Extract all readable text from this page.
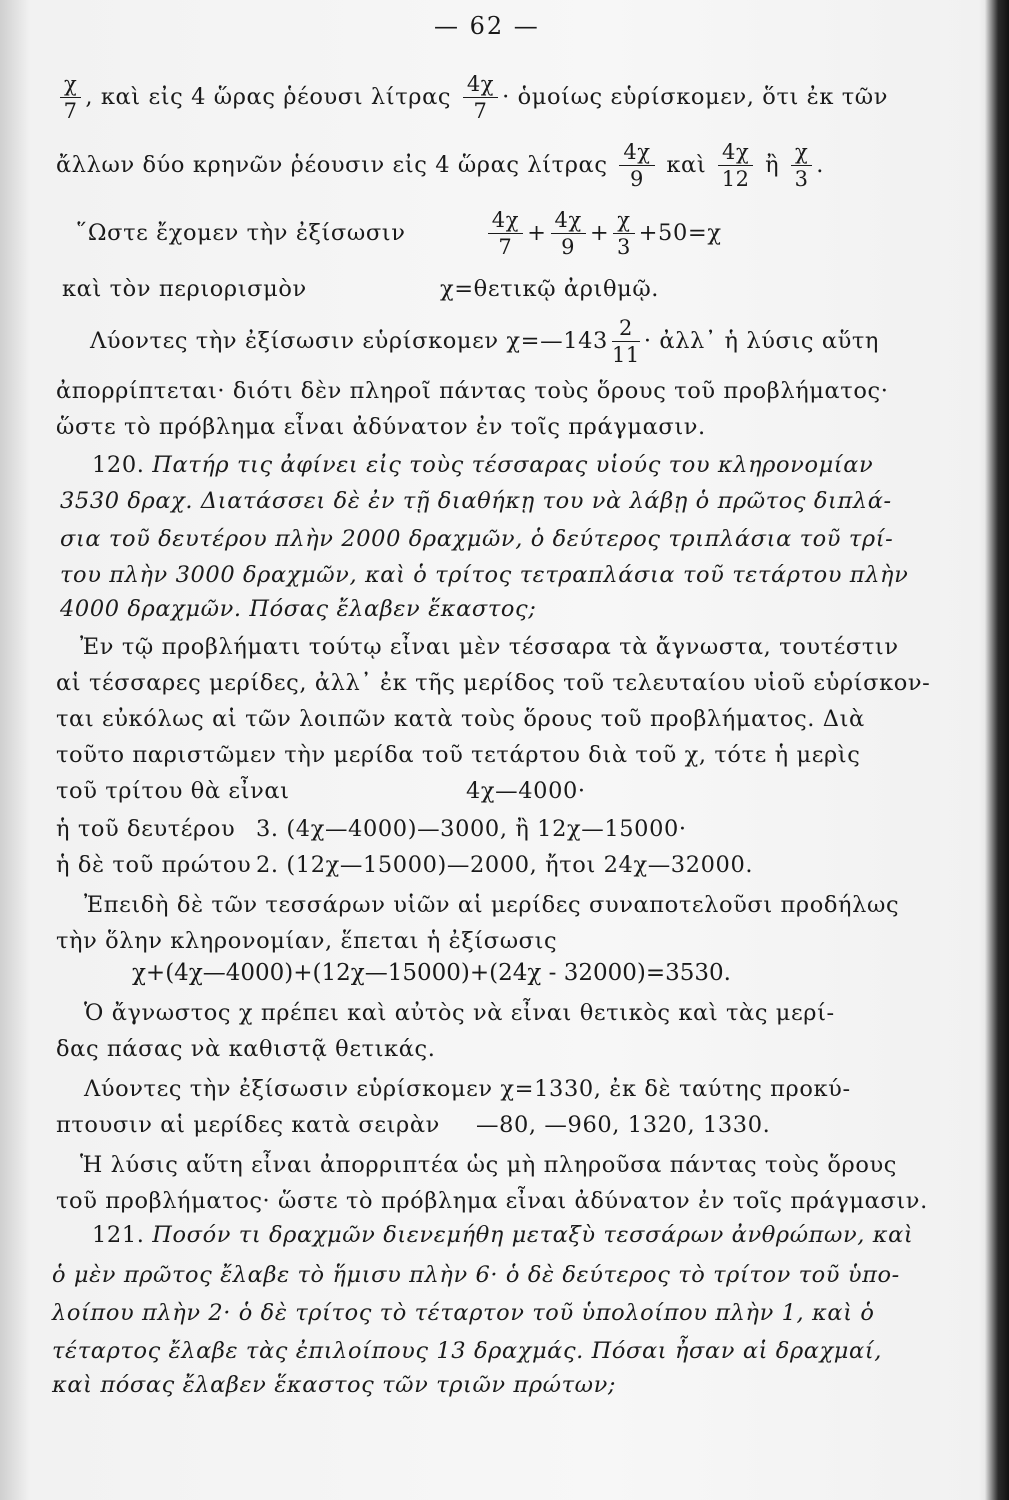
— 62 —
$\frac{\chi}{7}$ , καὶ εἰς 4 ὥρας ῥέουσι λίτρας $\frac{4\chi}{7}$ · ὁμοίως εὑρίσκομεν, ὅτι ἐκ τῶν
ἄλλων δύο κρηνῶν ῥέουσιν εἰς 4 ὥρας λίτρας $\frac{4\chi}{9}$ καὶ $\frac{4\chi}{12}$ ἢ $\frac{\chi}{3}$ .
῞Ωστε ἔχομεν τὴν ἐξίσωσιν	$\frac{4\chi}{7} + \frac{4\chi}{9} + \frac{\chi}{3} +50=\chi$
καὶ τὸν περιορισμὸν	χ=θετικῷ ἀριθμῷ.
Λύοντες τὴν ἐξίσωσιν εὑρίσκομεν χ=—143 $\frac{2}{11}$ · ἀλλ᾽ ἡ λύσις αὕτη
ἀπορρίπτεται· διότι δὲν πληροῖ πάντας τοὺς ὅρους τοῦ προβλήματος·
ὥστε τὸ πρόβλημα εἶναι ἀδύνατον ἐν τοῖς πράγμασιν.
120. Πατήρ τις ἀφίνει εἰς τοὺς τέσσαρας υἱούς του κληρονομίαν
3530 δραχ. Διατάσσει δὲ ἐν τῇ διαθήκῃ του νὰ λάβῃ ὁ πρῶτος διπλά-
σια τοῦ δευτέρου πλὴν 2000 δραχμῶν, ὁ δεύτερος τριπλάσια τοῦ τρί-
του πλὴν 3000 δραχμῶν, καὶ ὁ τρίτος τετραπλάσια τοῦ τετάρτου πλὴν
4000 δραχμῶν. Πόσας ἔλαβεν ἕκαστος;
Ἐν τῷ προβλήματι τούτῳ εἶναι μὲν τέσσαρα τὰ ἄγνωστα, τουτέστιν
αἱ τέσσαρες μερίδες, ἀλλ᾽ ἐκ τῆς μερίδος τοῦ τελευταίου υἱοῦ εὑρίσκον-
ται εὐκόλως αἱ τῶν λοιπῶν κατὰ τοὺς ὅρους τοῦ προβλήματος. Διὰ
τοῦτο παριστῶμεν τὴν μερίδα τοῦ τετάρτου διὰ τοῦ χ, τότε ἡ μερὶς
τοῦ τρίτου θὰ εἶναι	4χ—4000·
ἡ τοῦ δευτέρου 3. (4χ—4000)—3000, ἢ 12χ—15000·
ἡ δὲ τοῦ πρώτου 2. (12χ—15000)—2000, ἤτοι 24χ—32000.
Ἐπειδὴ δὲ τῶν τεσσάρων υἱῶν αἱ μερίδες συναποτελοῦσι προδήλως
τὴν ὅλην κληρονομίαν, ἕπεται ἡ ἐξίσωσις
χ+(4χ—4000)+(12χ—15000)+(24χ - 32000)=3530.
Ὁ ἄγνωστος χ πρέπει καὶ αὐτὸς νὰ εἶναι θετικὸς καὶ τὰς μερί-
δας πάσας νὰ καθιστᾷ θετικάς.
Λύοντες τὴν ἐξίσωσιν εὑρίσκομεν χ=1330, ἐκ δὲ ταύτης προκύ-
πτουσιν αἱ μερίδες κατὰ σειρὰν —80, —960, 1320, 1330.
Ἡ λύσις αὕτη εἶναι ἀπορριπτέα ὡς μὴ πληροῦσα πάντας τοὺς ὅρους
τοῦ προβλήματος· ὥστε τὸ πρόβλημα εἶναι ἀδύνατον ἐν τοῖς πράγμασιν.
121. Ποσόν τι δραχμῶν διενεμήθη μεταξὺ τεσσάρων ἀνθρώπων, καὶ
ὁ μὲν πρῶτος ἔλαβε τὸ ἥμισυ πλὴν 6· ὁ δὲ δεύτερος τὸ τρίτον τοῦ ὑπο-
λοίπου πλὴν 2· ὁ δὲ τρίτος τὸ τέταρτον τοῦ ὑπολοίπου πλὴν 1, καὶ ὁ
τέταρτος ἔλαβε τὰς ἐπιλοίπους 13 δραχμάς. Πόσαι ἦσαν αἱ δραχμαί,
καὶ πόσας ἔλαβεν ἕκαστος τῶν τριῶν πρώτων;
